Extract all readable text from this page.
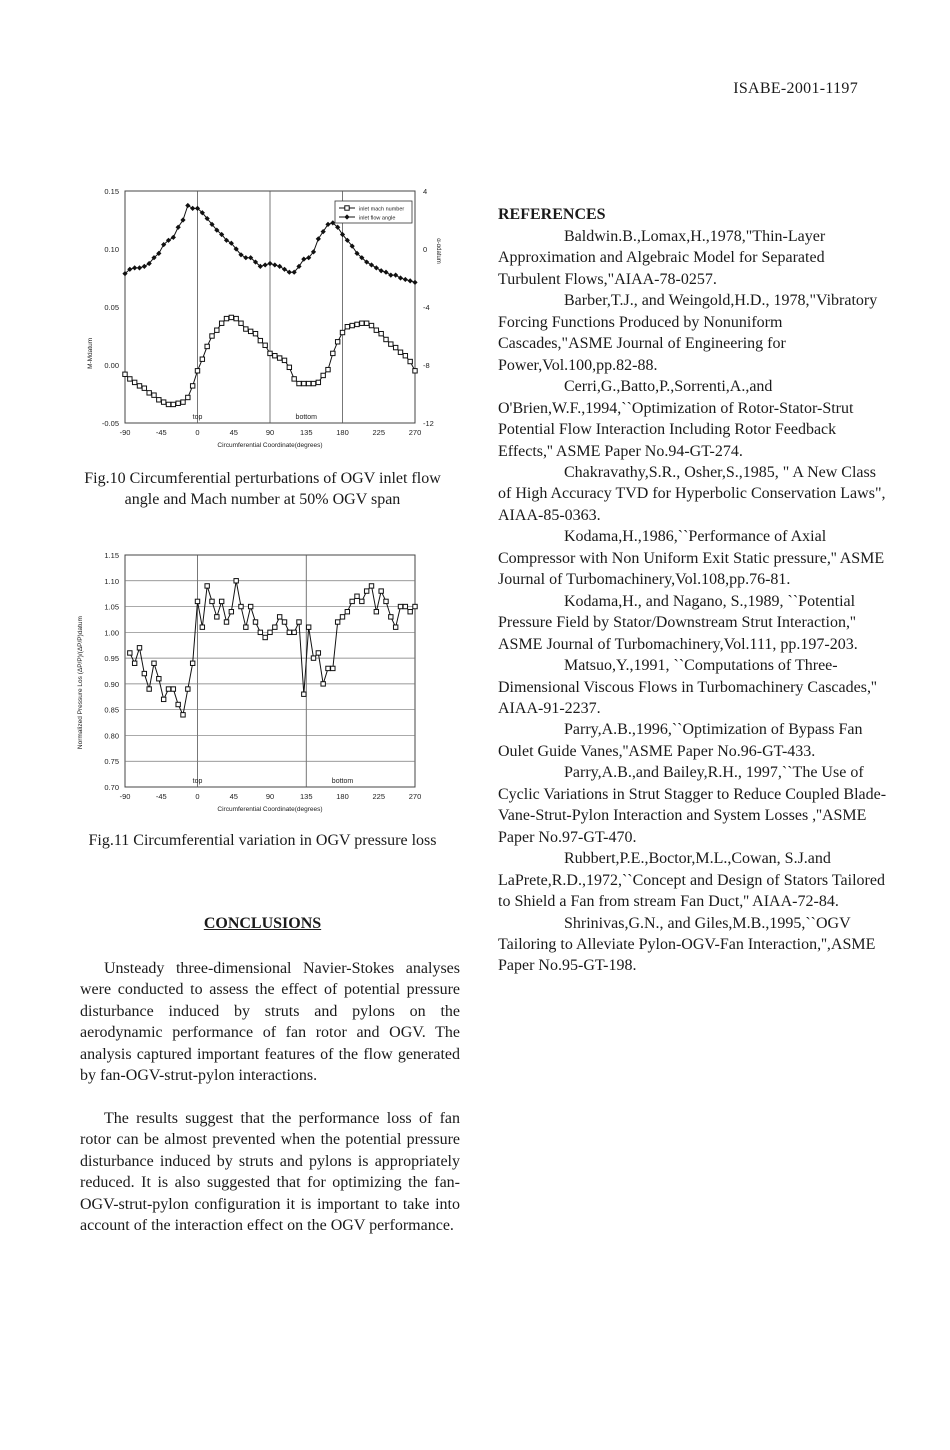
ISABE-2001-1197
-90	-45	0	45	90	135	180	225	270
0.15
0.10
0.05
0.00
-0.05
4
0
-4
-8
-12
Circumferential Coordinate(degrees)
M-Mdatum
α-αdatum
top	bottom
inlet mach number
inlet flow angle
Fig.10 Circumferential perturbations of OGV inlet flow angle and Mach number at 50% OGV span
-90	-45	0	45	90	135	180	225	270
1.15
1.10
1.05
1.00
0.95
0.90
0.85
0.80
0.75
0.70
Circumferential Coordinate(degrees)
Normalized Pressure Los (ΔP/P)/(ΔP/P)datum
top	bottom
Fig.11 Circumferential variation in OGV pressure loss
CONCLUSIONS
Unsteady three-dimensional Navier-Stokes analyses were conducted to assess the effect of potential pressure disturbance induced by struts and pylons on the aerodynamic performance of fan rotor and OGV. The analysis captured important features of the flow generated by fan-OGV-strut-pylon interactions.
The results suggest that the performance loss of fan rotor can be almost prevented when the potential pressure disturbance induced by struts and pylons is appropriately reduced. It is also suggested that for optimizing the fan-OGV-strut-pylon configuration it is important to take into account of the interaction effect on the OGV performance.
REFERENCES

Baldwin.B.,Lomax,H.,1978,"Thin-Layer Approximation and Algebraic Model for Separated Turbulent Flows,"AIAA-78-0257.

Barber,T.J., and Weingold,H.D., 1978,"Vibratory Forcing Functions Produced by Nonuniform Cascades,"ASME Journal of Engineering for Power,Vol.100,pp.82-88.

Cerri,G.,Batto,P.,Sorrenti,A.,and O'Brien,W.F.,1994,``Optimization of Rotor-Stator-Strut Potential Flow Interaction Including Rotor Feedback Effects,'' ASME Paper No.94-GT-274.

Chakravathy,S.R., Osher,S.,1985, " A New Class of High Accuracy TVD for Hyperbolic Conservation Laws", AIAA-85-0363.

Kodama,H.,1986,``Performance of Axial Compressor with Non Uniform Exit Static pressure,'' ASME Journal of Turbomachinery,Vol.108,pp.76-81.

Kodama,H., and Nagano, S.,1989, ``Potential Pressure Field by Stator/Downstream Strut Interaction,'' ASME Journal of Turbomachinery,Vol.111, pp.197-203.

Matsuo,Y.,1991, ``Computations of Three-Dimensional Viscous Flows in Turbomachinery Cascades,'' AIAA-91-2237.

Parry,A.B.,1996,``Optimization of Bypass Fan Oulet Guide Vanes,''ASME Paper No.96-GT-433.

Parry,A.B.,and Bailey,R.H., 1997,``The Use of Cyclic Variations in Strut Stagger to Reduce Coupled Blade-Vane-Strut-Pylon Interaction and System Losses ,''ASME Paper No.97-GT-470.

Rubbert,P.E.,Boctor,M.L.,Cowan, S.J.and LaPrete,R.D.,1972,``Concept and Design of Stators Tailored to Shield a Fan from stream Fan Duct,'' AIAA-72-84.

Shrinivas,G.N., and Giles,M.B.,1995,``OGV Tailoring to Alleviate Pylon-OGV-Fan Interaction,'',ASME Paper No.95-GT-198.
